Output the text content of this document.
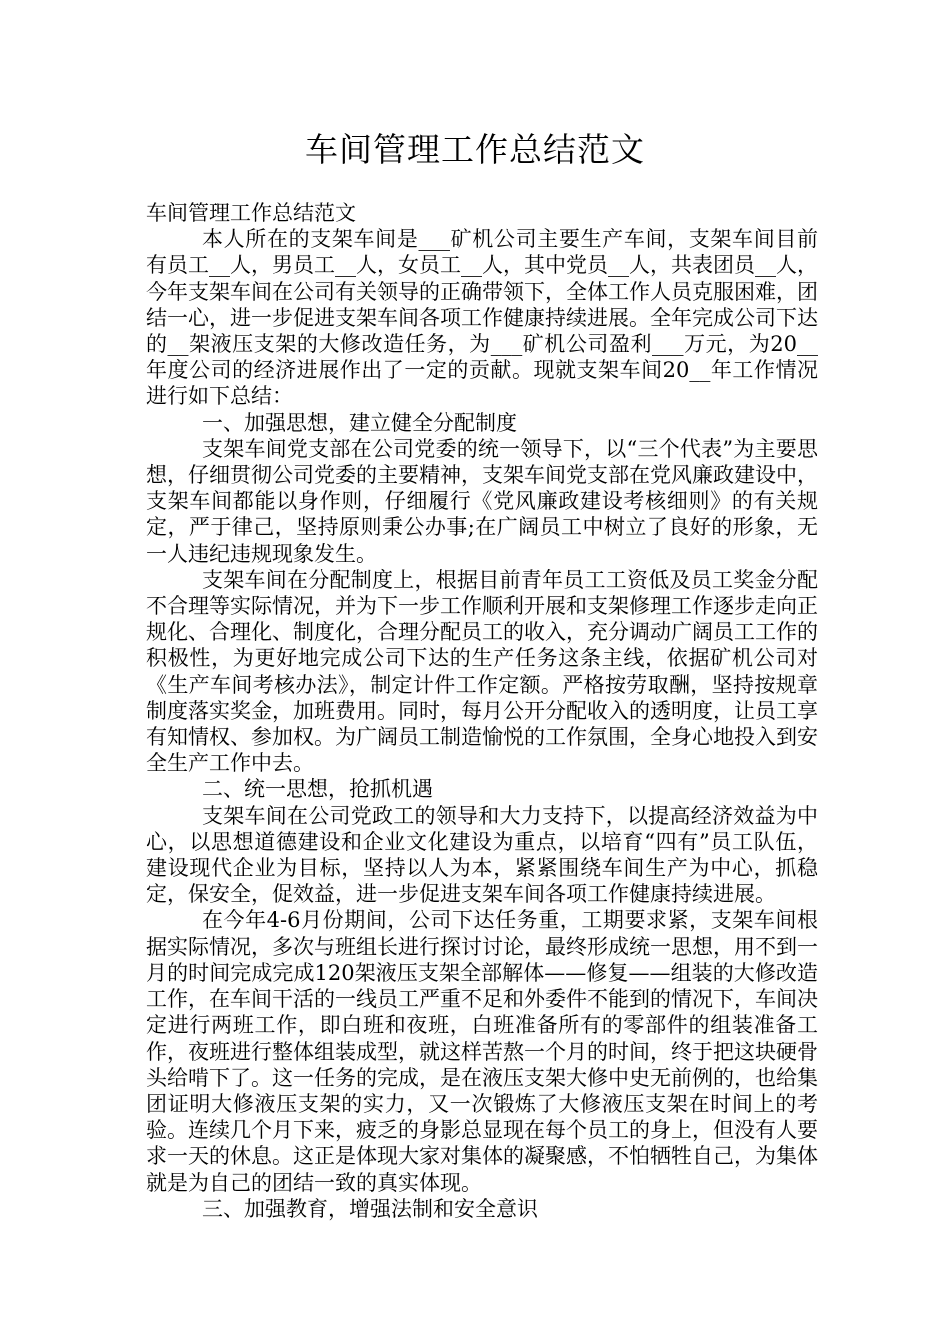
车间管理工作总结范文

车间管理工作总结范文

本人所在的支架车间是___矿机公司主要生产车间，支架车间目前有员工__人，男员工__人，女员工__人，其中党员__人，共表团员__人，今年支架车间在公司有关领导的正确带领下，全体工作人员克服困难，团结一心，进一步促进支架车间各项工作健康持续进展。全年完成公司下达的__架液压支架的大修改造任务，为___矿机公司盈利___万元，为20__年度公司的经济进展作出了一定的贡献。现就支架车间20__年工作情况进行如下总结：

一、加强思想，建立健全分配制度

支架车间党支部在公司党委的统一领导下，以“三个代表”为主要思想，仔细贯彻公司党委的主要精神，支架车间党支部在党风廉政建设中，支架车间都能以身作则，仔细履行《党风廉政建设考核细则》的有关规定，严于律己，坚持原则秉公办事;在广阔员工中树立了良好的形象，无一人违纪违规现象发生。

支架车间在分配制度上，根据目前青年员工工资低及员工奖金分配不合理等实际情况，并为下一步工作顺利开展和支架修理工作逐步走向正规化、合理化、制度化，合理分配员工的收入，充分调动广阔员工工作的积极性，为更好地完成公司下达的生产任务这条主线，依据矿机公司对《生产车间考核办法》，制定计件工作定额。严格按劳取酬，坚持按规章制度落实奖金，加班费用。同时，每月公开分配收入的透明度，让员工享有知情权、参加权。为广阔员工制造愉悦的工作氛围，全身心地投入到安全生产工作中去。

二、统一思想，抢抓机遇

支架车间在公司党政工的领导和大力支持下，以提高经济效益为中心，以思想道德建设和企业文化建设为重点，以培育“四有”员工队伍，建设现代企业为目标，坚持以人为本，紧紧围绕车间生产为中心，抓稳定，保安全，促效益，进一步促进支架车间各项工作健康持续进展。

在今年4-6月份期间，公司下达任务重，工期要求紧，支架车间根据实际情况，多次与班组长进行探讨讨论，最终形成统一思想，用不到一月的时间完成完成120架液压支架全部解体——修复——组装的大修改造工作，在车间干活的一线员工严重不足和外委件不能到的情况下，车间决定进行两班工作，即白班和夜班，白班准备所有的零部件的组装准备工作，夜班进行整体组装成型，就这样苦熬一个月的时间，终于把这块硬骨头给啃下了。这一任务的完成，是在液压支架大修中史无前例的，也给集团证明大修液压支架的实力，又一次锻炼了大修液压支架在时间上的考验。连续几个月下来，疲乏的身影总显现在每个员工的身上，但没有人要求一天的休息。这正是体现大家对集体的凝聚感，不怕牺牲自己，为集体就是为自己的团结一致的真实体现。

三、加强教育，增强法制和安全意识
